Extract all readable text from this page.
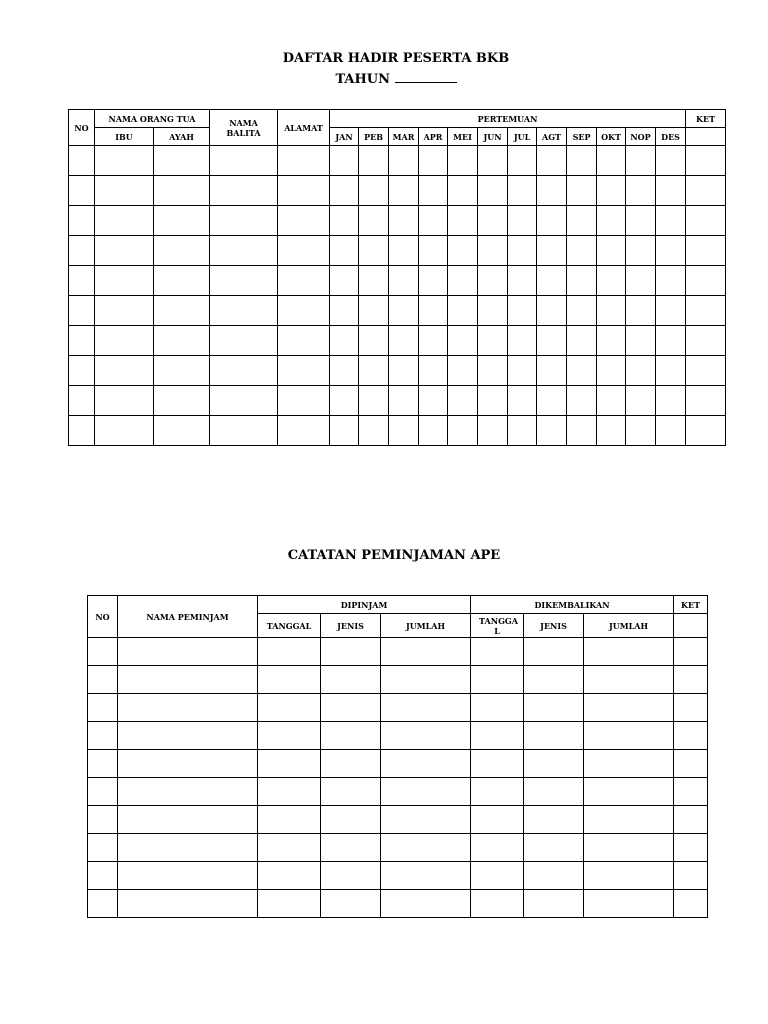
DAFTAR HADIR PESERTA BKB
TAHUN
NO	NAMA ORANG TUA		NAMA BALITA	ALAMAT	PERTEMUAN												KET
	IBU	AYAH			JAN	PEB	MAR	APR	MEI	JUN	JUL	AGT	SEP	OKT	NOP	DES	

CATATAN PEMINJAMAN APE
NO	NAMA PEMINJAM	DIPINJAM			DIKEMBALIKAN			KET
		TANGGAL	JENIS	JUMLAH	TANGGA L	JENIS	JUMLAH	
